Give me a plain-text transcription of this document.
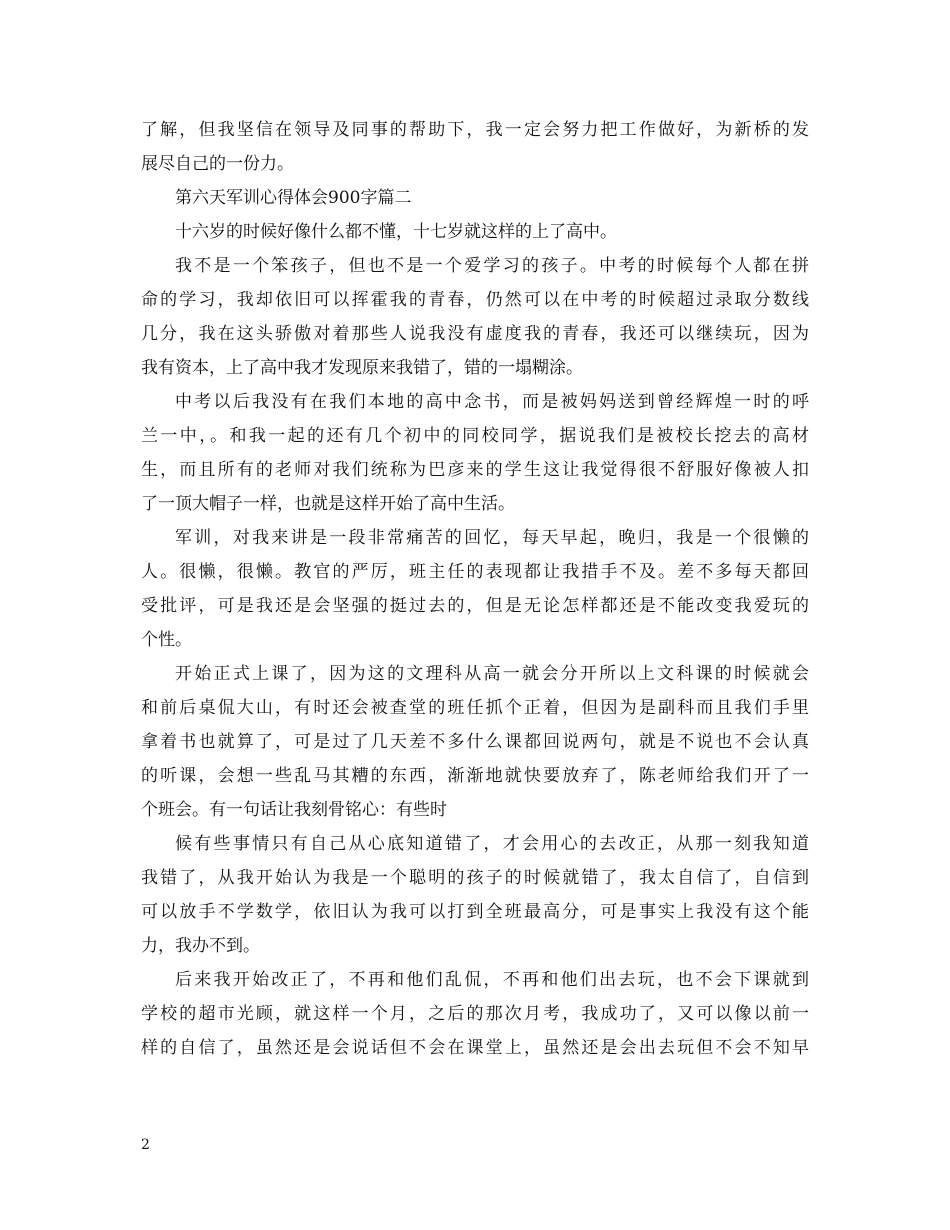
了解，但我坚信在领导及同事的帮助下，我一定会努力把工作做好，为新桥的发
展尽自己的一份力。
第六天军训心得体会900字篇二
十六岁的时候好像什么都不懂，十七岁就这样的上了高中。
我不是一个笨孩子，但也不是一个爱学习的孩子。中考的时候每个人都在拼
命的学习，我却依旧可以挥霍我的青春，仍然可以在中考的时候超过录取分数线
几分，我在这头骄傲对着那些人说我没有虚度我的青春，我还可以继续玩，因为
我有资本，上了高中我才发现原来我错了，错的一塌糊涂。
中考以后我没有在我们本地的高中念书，而是被妈妈送到曾经辉煌一时的呼
兰一中，。和我一起的还有几个初中的同校同学，据说我们是被校长挖去的高材
生，而且所有的老师对我们统称为巴彦来的学生这让我觉得很不舒服好像被人扣
了一顶大帽子一样，也就是这样开始了高中生活。
军训，对我来讲是一段非常痛苦的回忆，每天早起，晚归，我是一个很懒的
人。很懒，很懒。教官的严厉，班主任的表现都让我措手不及。差不多每天都回
受批评，可是我还是会坚强的挺过去的，但是无论怎样都还是不能改变我爱玩的
个性。
开始正式上课了，因为这的文理科从高一就会分开所以上文科课的时候就会
和前后桌侃大山，有时还会被查堂的班任抓个正着，但因为是副科而且我们手里
拿着书也就算了，可是过了几天差不多什么课都回说两句，就是不说也不会认真
的听课，会想一些乱马其糟的东西，渐渐地就快要放弃了，陈老师给我们开了一
个班会。有一句话让我刻骨铭心：有些时
候有些事情只有自己从心底知道错了，才会用心的去改正，从那一刻我知道
我错了，从我开始认为我是一个聪明的孩子的时候就错了，我太自信了，自信到
可以放手不学数学，依旧认为我可以打到全班最高分，可是事实上我没有这个能
力，我办不到。
后来我开始改正了，不再和他们乱侃，不再和他们出去玩，也不会下课就到
学校的超市光顾，就这样一个月，之后的那次月考，我成功了，又可以像以前一
样的自信了，虽然还是会说话但不会在课堂上，虽然还是会出去玩但不会不知早
2
